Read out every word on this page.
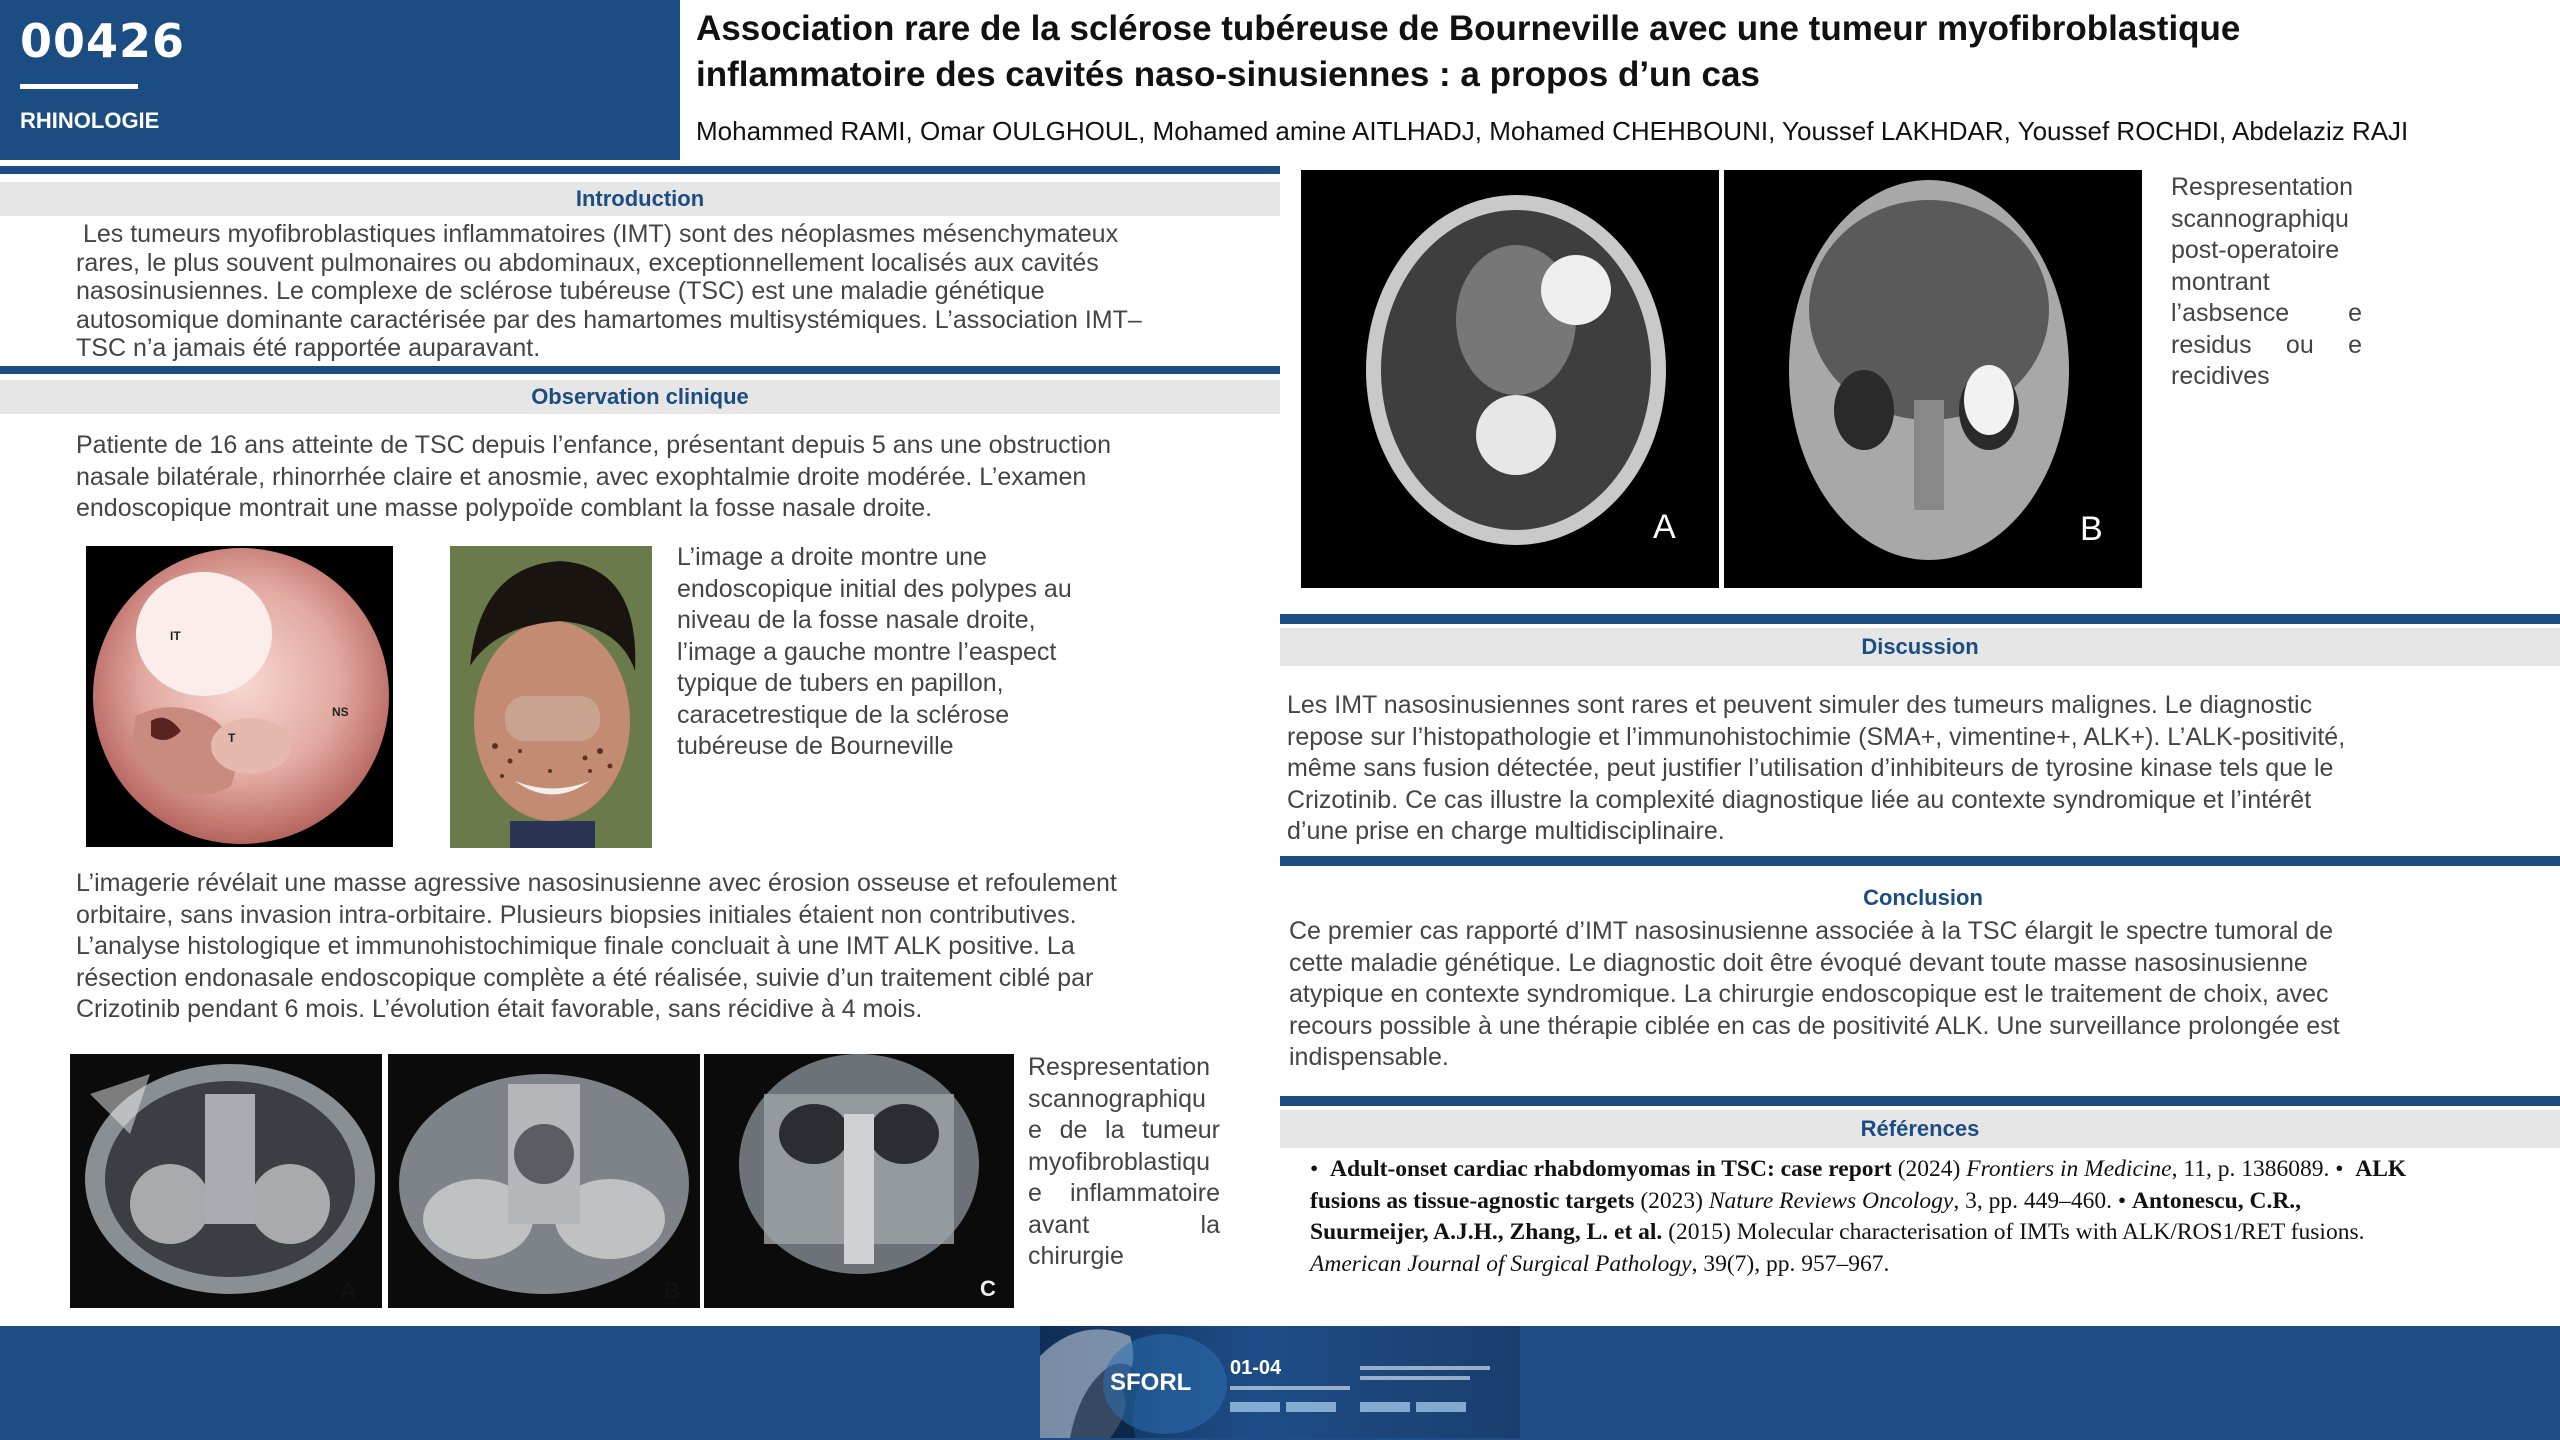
00426
RHINOLOGIE
Association rare de la sclérose tubéreuse de Bourneville avec une tumeur myofibroblastique
inflammatoire des cavités naso-sinusiennes : a propos d’un cas
Mohammed RAMI, Omar OULGHOUL, Mohamed amine AITLHADJ, Mohamed CHEHBOUNI, Youssef LAKHDAR, Youssef ROCHDI, Abdelaziz RAJI
Introduction
Les tumeurs myofibroblastiques inflammatoires (IMT) sont des néoplasmes mésenchymateux
rares, le plus souvent pulmonaires ou abdominaux, exceptionnellement localisés aux cavités
nasosinusiennes. Le complexe de sclérose tubéreuse (TSC) est une maladie génétique
autosomique dominante caractérisée par des hamartomes multisystémiques. L’association IMT–
TSC n’a jamais été rapportée auparavant.
Observation clinique
Patiente de 16 ans atteinte de TSC depuis l’enfance, présentant depuis 5 ans une obstruction
nasale bilatérale, rhinorrhée claire et anosmie, avec exophtalmie droite modérée. L’examen
endoscopique montrait une masse polypoïde comblant la fosse nasale droite.
IT
NS
T
L’image a droite montre une
endoscopique initial des polypes au
niveau de la fosse nasale droite,
l’image a gauche montre l’easpect
typique de tubers en papillon,
caracetrestique de la sclérose
tubéreuse de Bourneville
L’imagerie révélait une masse agressive nasosinusienne avec érosion osseuse et refoulement
orbitaire, sans invasion intra-orbitaire. Plusieurs biopsies initiales étaient non contributives.
L’analyse histologique et immunohistochimique finale concluait à une IMT ALK positive. La
résection endonasale endoscopique complète a été réalisée, suivie d’un traitement ciblé par
Crizotinib pendant 6 mois. L’évolution était favorable, sans récidive à 4 mois.
A	B	C
Respresentation
scannographiqu
e de la tumeur
myofibroblastiqu
e inflammatoire
avant la
chirurgie
A	B
Respresentation
scannographiqu
post-operatoire
montrant
l’asbsence e
residus ou e
recidives
Discussion
Les IMT nasosinusiennes sont rares et peuvent simuler des tumeurs malignes. Le diagnostic
repose sur l’histopathologie et l’immunohistochimie (SMA+, vimentine+, ALK+). L’ALK-positivité,
même sans fusion détectée, peut justifier l’utilisation d’inhibiteurs de tyrosine kinase tels que le
Crizotinib. Ce cas illustre la complexité diagnostique liée au contexte syndromique et l’intérêt
d’une prise en charge multidisciplinaire.
Conclusion
Ce premier cas rapporté d’IMT nasosinusienne associée à la TSC élargit le spectre tumoral de
cette maladie génétique. Le diagnostic doit être évoqué devant toute masse nasosinusienne
atypique en contexte syndromique. La chirurgie endoscopique est le traitement de choix, avec
recours possible à une thérapie ciblée en cas de positivité ALK. Une surveillance prolongée est
indispensable.
Références
• Adult-onset cardiac rhabdomyomas in TSC: case report (2024) Frontiers in Medicine, 11, p. 1386089. • ALK fusions as tissue-agnostic targets (2023) Nature Reviews Oncology, 3, pp. 449–460. • Antonescu, C.R., Suurmeijer, A.J.H., Zhang, L. et al. (2015) Molecular characterisation of IMTs with ALK/ROS1/RET fusions. American Journal of Surgical Pathology, 39(7), pp. 957–967.
SFORL
01-04
